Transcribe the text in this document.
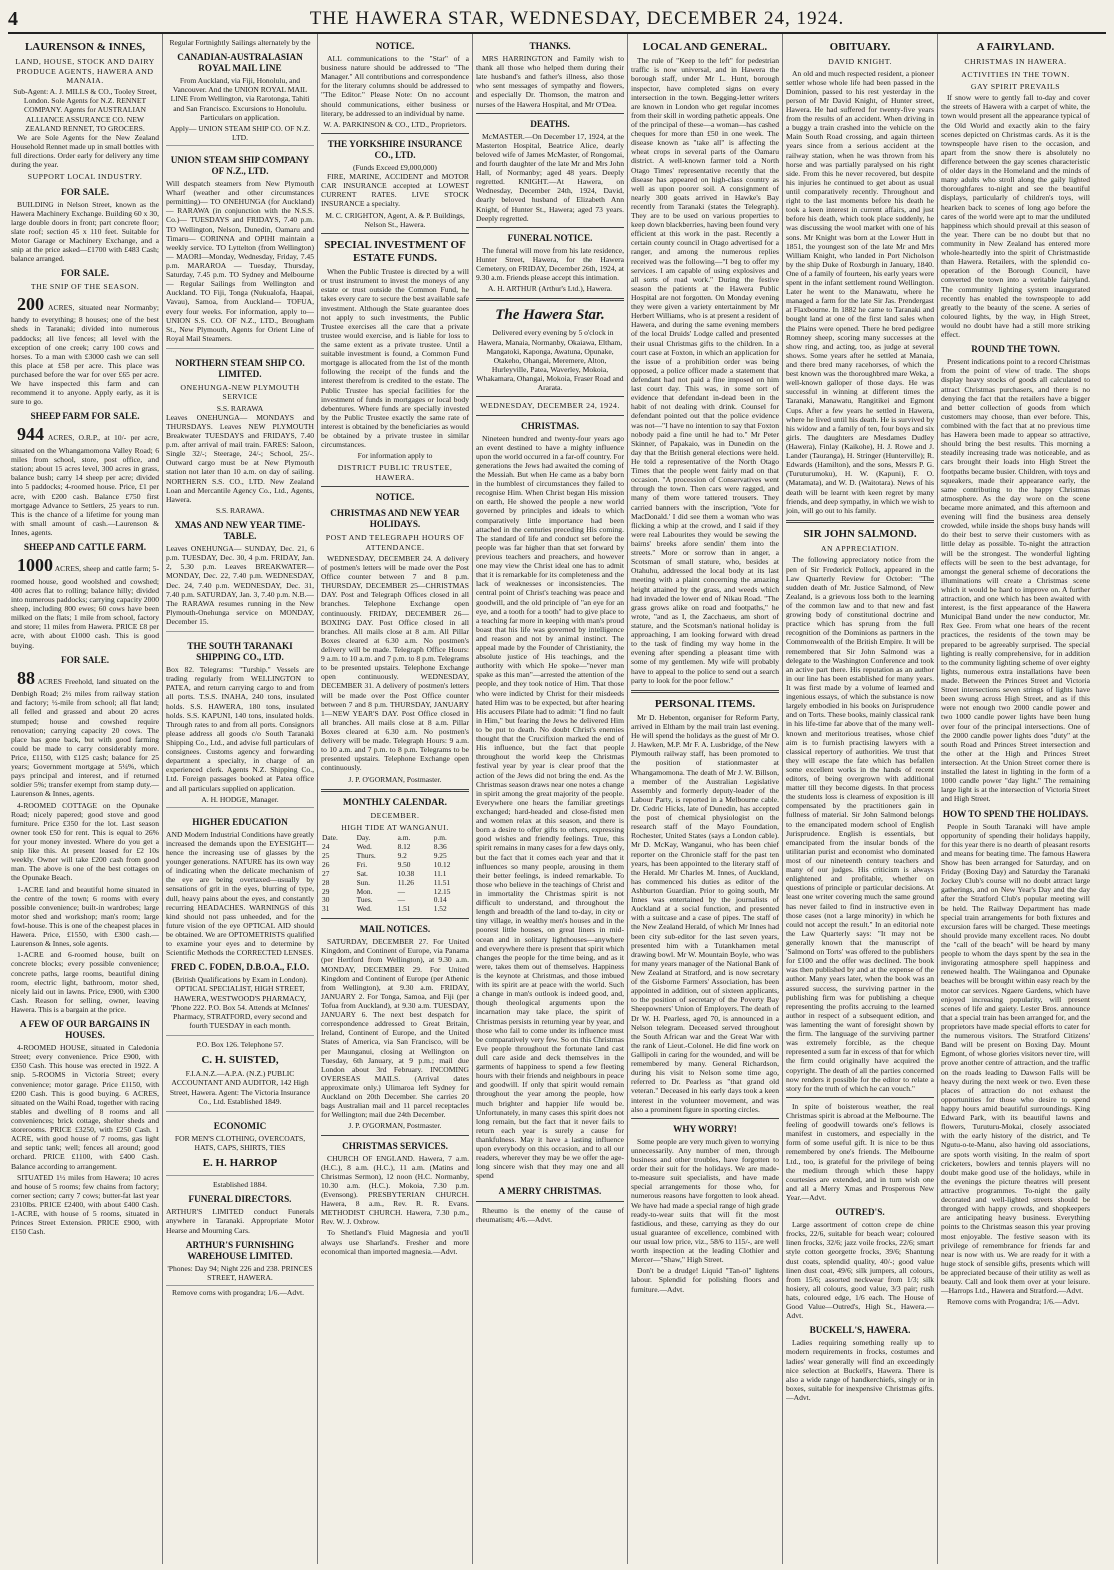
4	THE HAWERA STAR, WEDNESDAY, DECEMBER 24, 1924.
LAURENSON & INNES,
LAND, HOUSE, STOCK AND DAIRY PRODUCE AGENTS, HAWERA AND MANAIA.
Sub-Agent: A. J. MILLS & CO., Tooley Street, London. Sole Agents for N.Z. RENNET COMPANY. Agents for AUSTRALIAN ALLIANCE ASSURANCE CO. NEW ZEALAND RENNET, TO GROCERS.

We are Sole Agents for the New Zealand Household Rennet made up in small bottles with full directions. Order early for delivery any time during the year.

SUPPORT LOCAL INDUSTRY.
FOR SALE.

BUILDING in Nelson Street, known as the Hawera Machinery Exchange. Building 60 x 30, large double doors in front; part concrete floor; slate roof; section 45 x 110 feet. Suitable for Motor Garage or Machinery Exchange, and a snip at the price asked—£1700 with £483 Cash; balance arranged.

FOR SALE.
THE SNIP OF THE SEASON.

200 ACRES, situated near Normanby; handy to everything; 8 houses; one of the best sheds in Taranaki; divided into numerous paddocks; all live fences; all level with the exception of one creek; carry 100 cows and horses. To a man with £3000 cash we can sell this place at £58 per acre. This place was purchased before the war for over £65 per acre. We have inspected this farm and can recommend it to anyone. Apply early, as it is sure to go.

SHEEP FARM FOR SALE.

944 ACRES, O.R.P., at 10/- per acre, situated on the Whangamomona Valley Road; 6 miles from school, store, post office, and station; about 15 acres level, 300 acres in grass, balance bush; carry 14 sheep per acre; divided into 5 paddocks; 4-roomed house. Price, £1 per acre, with £200 cash. Balance £750 first mortgage Advance to Settlers, 25 years to run. This is the chance of a lifetime for young man with small amount of cash.—Laurenson & Innes, agents.

SHEEP AND CATTLE FARM.

1000 ACRES, sheep and cattle farm; 5-roomed house, good woolshed and cowshed; 400 acres flat to rolling; balance hilly; divided into numerous paddocks; carrying capacity 2000 sheep, including 800 ewes; 60 cows have been milked on the flats; 1 mile from school, factory and store; 11 miles from Hawera. PRICE £8 per acre, with about £1000 cash. This is good buying.

FOR SALE.

88 ACRES Freehold, land situated on the Denbigh Road; 2½ miles from railway station and factory; ½-mile from school; all flat land; all felled and grassed and about 20 acres stumped; house and cowshed require renovation; carrying capacity 20 cows. The place has gone back, but with good farming could be made to carry considerably more. Price, £1150, with £125 cash; balance for 25 years; Government mortgage at 5¼%, which pays principal and interest, and if returned soldier 5%; transfer exempt from stamp duty.—Laurenson & Innes, agents.

4-ROOMED COTTAGE on the Opunake Road; nicely papered; good stove and good furniture. Price £350 for the lot. Last season owner took £50 for rent. This is equal to 26% for your money invested. Where do you get a snip like this. At present leased for £2 10s weekly. Owner will take £200 cash from good man. The above is one of the best cottages on the Opunake Beach.

1-ACRE land and beautiful home situated in the centre of the town; 6 rooms with every possible convenience; built-in wardrobes; large motor shed and workshop; man's room; large fowl-house. This is one of the cheapest places in Hawera. Price, £1550, with £300 cash.—Laurenson & Innes, sole agents.

1-ACRE and 6-roomed house, built on concrete blocks; every possible convenience; concrete paths, large rooms, beautiful dining room, electric light, bathroom, motor shed, nicely laid out in lawns. Price, £900, with £300 Cash. Reason for selling, owner, leaving Hawera. This is a bargain at the price.

A FEW OF OUR BARGAINS IN HOUSES.

4-ROOMED HOUSE, situated in Caledonia Street; every convenience. Price £900, with £350 Cash. This house was erected in 1922. A snip. 5-ROOMS in Victoria Street; every convenience; motor garage. Price £1150, with £200 Cash. This is good buying. 6 ACRES, situated on the Waihi Road, together with racing stables and dwelling of 8 rooms and all conveniences; brick cottage, shelter sheds and storerooms. PRICE £3250, with £250 Cash. 1 ACRE, with good house of 7 rooms, gas light and septic tank; well; fences all around; good orchard. PRICE £1100, with £400 Cash. Balance according to arrangement.

SITUATED 1½ miles from Hawera; 10 acres and house of 5 rooms; few chains from factory; corner section; carry 7 cows; butter-fat last year 2310lbs. PRICE £2400, with about £400 Cash. 1-ACRE, with house of 5 rooms, situated in Princes Street Extension. PRICE £900, with £150 Cash.

Regular Fortnightly Sailings alternately by the
CANADIAN-AUSTRALASIAN ROYAL MAIL LINE

From Auckland, via Fiji, Honolulu, and Vancouver. And the UNION ROYAL MAIL LINE From Wellington, via Rarotonga, Tahiti and San Francisco. Excursions to Honolulu. Particulars on application.

Apply— UNION STEAM SHIP CO. OF N.Z. LTD.
UNION STEAM SHIP COMPANY OF N.Z., LTD.

Will despatch steamers from New Plymouth Wharf (weather and other circumstances permitting)— TO ONEHUNGA (for Auckland)— RARAWA (in conjunction with the N.S.S. Co.)— TUESDAYS and FRIDAYS, 7.40 p.m. TO Wellington, Nelson, Dunedin, Oamaru and Timaru— CORINNA and OPIHI maintain a weekly service. TO Lyttelton (from Wellington)— MAORI—Monday, Wednesday, Friday, 7.45 p.m. MARAROA — Tuesday, Thursday, Saturday, 7.45 p.m. TO Sydney and Melbourne— Regular Sailings from Wellington and Auckland. TO Fiji, Tonga (Nukualofa, Haapai, Vavau), Samoa, from Auckland— TOFUA, every four weeks. For information, apply to— UNION S.S. CO. OF N.Z., LTD., Brougham St., New Plymouth, Agents for Orient Line of Royal Mail Steamers.

NORTHERN STEAM SHIP CO. LIMITED.
ONEHUNGA-NEW PLYMOUTH SERVICE
S.S. RARAWA

Leaves ONEHUNGA— MONDAYS and THURSDAYS. Leaves NEW PLYMOUTH Breakwater TUESDAYS and FRIDAYS, 7.40 p.m. after arrival of mail train. FARES: Saloon, Single 32/-; Steerage, 24/-; School, 25/-. Outward cargo must be at New Plymouth station not later than 10 a.m. on day of sailing. NORTHERN S.S. CO., LTD. New Zealand Loan and Mercantile Agency Co., Ltd., Agents, Hawera.

S.S. RARAWA.
XMAS AND NEW YEAR TIME-TABLE.

Leaves ONEHUNGA— SUNDAY, Dec. 21, 6 p.m. TUESDAY, Dec. 30, 4 p.m. FRIDAY, Jan. 2, 5.30 p.m. Leaves BREAKWATER— MONDAY, Dec. 22, 7.40 p.m. WEDNESDAY, Dec. 24, 7.40 p.m. WEDNESDAY, Dec. 31, 7.40 p.m. SATURDAY, Jan. 3, 7.40 p.m. N.B.—The RARAWA resumes running in the New Plymouth-Onehunga service on MONDAY, December 15.

THE SOUTH TARANAKI SHIPPING CO., LTD.

Box 82. Telegrams: "Turship." Vessels are trading regularly from WELLINGTON to PATEA, and return carrying cargo to and from all ports. T.S.S. INAHA, 240 tons, insulated holds. S.S. HAWERA, 180 tons, insulated holds. S.S. KAPUNI, 140 tons, insulated holds. Through rates to and from all ports. Consignors please address all goods c/o South Taranaki Shipping Co., Ltd., and advise full particulars of consignees. Customs agency and forwarding department a specialty, in charge of an experienced clerk. Agents N.Z. Shipping Co., Ltd. Foreign passages booked at Patea office and all particulars supplied on application.

A. H. HODGE, Manager.
HIGHER EDUCATION

AND Modern Industrial Conditions have greatly increased the demands upon the EYESIGHT—hence the increasing use of glasses by the younger generations. NATURE has its own way of indicating when the delicate mechanism of the eye are being overtaxed—usually by sensations of grit in the eyes, blurring of type, dull, heavy pains about the eyes, and constantly recurring HEADACHES. WARNINGS of this kind should not pass unheeded, and for the future vision of the eye OPTICAL AID should be obtained. We are OPTOMETRISTS qualified to examine your eyes and to determine by Scientific Methods the CORRECTED LENSES.

FRED C. FODEN, D.B.O.A., F.I.O.

(British Qualifications by Exam in London). OPTICAL SPECIALIST, HIGH STREET, HAWERA, WESTWOOD'S PHARMACY, 'Phone 222. P.O. Box 54. Attends at McInnes' Pharmacy, STRATFORD, every second and fourth TUESDAY in each month.

P.O. Box 126. Telephone 57.
C. H. SUISTED,

F.I.A.N.Z.—A.P.A. (N.Z.) PUBLIC ACCOUNTANT AND AUDITOR, 142 High Street, Hawera. Agent: The Victoria Insurance Co., Ltd. Established 1849.

ECONOMIC
FOR MEN'S CLOTHING, OVERCOATS, HATS, CAPS, SHIRTS, TIES
E. H. HARROP
Established 1884.
FUNERAL DIRECTORS.

ARTHUR'S LIMITED conduct Funerals anywhere in Taranaki. Appropriate Motor Hearse and Mourning Cars.

ARTHUR'S FURNISHING WAREHOUSE LIMITED.
'Phones: Day 94; Night 226 and 238. PRINCES STREET, HAWERA.

Remove corns with progandra; 1/6.—Advt.

NOTICE.

ALL communications to the "Star" of a business nature should be addressed to "The Manager." All contributions and correspondence for the literary columns should be addressed to "The Editor." Please Note: On no account should communications, either business or literary, be addressed to an individual by name.

W. A. PARKINSON & CO., LTD., Proprietors.
THE YORKSHIRE INSURANCE CO., LTD.
(Funds Exceed £9,000,000)

FIRE, MARINE, ACCIDENT and MOTOR CAR INSURANCE accepted at LOWEST CURRENT RATES. LIVE STOCK INSURANCE a specialty.

M. C. CRIGHTON, Agent, A. & P. Buildings, Nelson St., Hawera.
SPECIAL INVESTMENT OF ESTATE FUNDS.

When the Public Trustee is directed by a will or trust instrument to invest the moneys of any estate or trust outside the Common Fund, he takes every care to secure the best available safe investment. Although the State guarantee does not apply to such investments, the Public Trustee exercises all the care that a private trustee would exercise, and is liable for loss to the same extent as a private trustee. Until a suitable investment is found, a Common Fund mortgage is allocated from the 1st of the month following the receipt of the funds and the interest therefrom is credited to the estate. The Public Trustee has special facilities for the investment of funds in mortgages or local body debentures. Where funds are specially invested by the Public Trustee exactly the same rate of interest is obtained by the beneficiaries as would be obtained by a private trustee in similar circumstances.

For information apply to
DISTRICT PUBLIC TRUSTEE, HAWERA.
NOTICE.
CHRISTMAS AND NEW YEAR HOLIDAYS.
POST AND TELEGRAPH HOURS OF ATTENDANCE.

WEDNESDAY, DECEMBER 24. A delivery of postmen's letters will be made over the Post Office counter between 7 and 8 p.m. THURSDAY, DECEMBER 25—CHRISTMAS DAY. Post and Telegraph Offices closed in all branches. Telephone Exchange open continuously. FRIDAY, DECEMBER 26—BOXING DAY. Post Office closed in all branches. All mails close at 8 a.m. All Pillar Boxes cleared at 6.30 a.m. No postmen's delivery will be made. Telegraph Office Hours: 9 a.m. to 10 a.m. and 7 p.m. to 8 p.m. Telegrams to be presented upstairs. Telephone Exchange open continuously. WEDNESDAY, DECEMBER 31. A delivery of postmen's letters will be made over the Post Office counter between 7 and 8 p.m. THURSDAY, JANUARY 1—NEW YEAR'S DAY. Post Office closed in all branches. All mails close at 8 a.m. Pillar Boxes cleared at 6.30 a.m. No postmen's delivery will be made. Telegraph Hours: 9 a.m. to 10 a.m. and 7 p.m. to 8 p.m. Telegrams to be presented upstairs. Telephone Exchange open continuously.

J. P. O'GORMAN, Postmaster.
MONTHLY CALENDAR.
DECEMBER.
HIGH TIDE AT WANGANUI.
Date.	Day.	a.m.	p.m.
24	Wed.	8.12	8.36
25	Thurs.	9.2	9.25
26	Fri.	9.50	10.12
27	Sat.	10.38	11.1
28	Sun.	11.26	11.51
29	Mon.	—	12.15
30	Tues.	—	0.14
31	Wed.	1.51	1.52
MAIL NOTICES.

SATURDAY, DECEMBER 27. For United Kingdom, and Continent of Europe, via Panama (per Hertford from Wellington), at 9.30 a.m. MONDAY, DECEMBER 29. For United Kingdom and Continent of Europe (per Athenic from Wellington), at 9.30 a.m. FRIDAY, JANUARY 2. For Tonga, Samoa, and Fiji (per Tofua from Auckland), at 9.30 a.m. TUESDAY, JANUARY 6. The next best despatch for correspondence addressed to Great Britain, Ireland, Continent of Europe, and the United States of America, via San Francisco, will be per Maunganui, closing at Wellington on Tuesday, 6th January, at 9 p.m.; mail due London about 3rd February. INCOMING OVERSEAS MAILS. (Arrival dates approximate only.) Ulimaroa left Sydney for Auckland on 20th December. She carries 20 bags Australian mail and 11 parcel receptacles for Wellington; mail due 24th December.

J. P. O'GORMAN, Postmaster.
CHRISTMAS SERVICES.

CHURCH OF ENGLAND. Hawera, 7 a.m. (H.C.), 8 a.m. (H.C.), 11 a.m. (Matins and Christmas Sermon), 12 noon (H.C. Normanby, 10.30 a.m. (H.C.). Mokoia, 7.30 p.m. (Evensong). PRESBYTERIAN CHURCH. Hawera, 8 a.m., Rev. R. R. Evans. METHODIST CHURCH. Hawera, 7.30 p.m., Rev. W. J. Oxbrow.

To Shetland's Fluid Magnesia and you'll always use Sharland's. Fresher and more economical than imported magnesia.—Advt.

THANKS.

MRS HARRINGTON and Family wish to thank all those who helped them during their late husband's and father's illness, also those who sent messages of sympathy and flowers, and especially Dr. Thomson, the matron and nurses of the Hawera Hospital, and Mr O'Dea.

DEATHS.

McMASTER.—On December 17, 1924, at the Masterton Hospital, Beatrice Alice, dearly beloved wife of James McMaster, of Rongomai, and fourth daughter of the late Mr and Mrs John Hall, of Normanby; aged 48 years. Deeply regretted. KNIGHT.—At Hawera, on Wednesday, December 24th, 1924, David, dearly beloved husband of Elizabeth Ann Knight, of Hunter St., Hawera; aged 73 years. Deeply regretted.

FUNERAL NOTICE.

The funeral will move from his late residence, Hunter Street, Hawera, for the Hawera Cemetery, on FRIDAY, December 26th, 1924, at 9.30 a.m. Friends please accept this intimation.

A. H. ARTHUR (Arthur's Ltd.), Hawera.
The Hawera Star.

Delivered every evening by 5 o'clock in Hawera, Manaia, Normanby, Okaiawa, Eltham, Mangatoki, Kaponga, Awatuna, Opunake, Otakeho, Ohangai, Meremere, Alton, Hurleyville, Patea, Waverley, Mokoia, Whakamara, Ohangai, Mokoia, Fraser Road and Ararata.

WEDNESDAY, DECEMBER 24, 1924.
CHRISTMAS.

Nineteen hundred and twenty-four years ago an event destined to have a mighty influence upon the world occurred in a far-off country. For generations the Jews had awaited the coming of the Messiah. But when He came as a baby born in the humblest of circumstances they failed to recognise Him. When Christ began His mission on earth, He showed the people a new world governed by principles and ideals to which comparatively little importance had been attached in the centuries preceding His coming. The standard of life and conduct set before the people was far higher than that set forward by previous teachers and preachers, and however one may view the Christ ideal one has to admit that it is remarkable for its completeness and the lack of weaknesses or inconsistencies. The central point of Christ's teaching was peace and goodwill, and the old principle of "an eye for an eye, and a tooth for a tooth" had to give place to a teaching far more in keeping with man's proud boast that his life was governed by intelligence and reason and not by animal instinct. The appeal made by the Founder of Christianity, the absolute justice of His teachings, and the authority with which He spoke—"never man spake as this man"—arrested the attention of the people, and they took notice of Him. That those who were indicted by Christ for their misdeeds hated Him was to be expected, but after hearing His accusers Pilate had to admit: "I find no fault in Him," but fearing the Jews he delivered Him to be put to death. No doubt Christ's enemies thought that the Crucifixion marked the end of His influence, but the fact that people throughout the world keep the Christmas festival year by year is clear proof that the action of the Jews did not bring the end. As the Christmas season draws near one notes a change in spirit among the great majority of the people. Everywhere one hears the familiar greetings exchanged; hard-headed and close-fisted men and women relax at this season, and there is born a desire to offer gifts to others, expressing good wishes and friendly feelings. True, this spirit remains in many cases for a few days only, but the fact that it comes each year and that it influences so many people, arousing in them their better feelings, is indeed remarkable. To those who believe in the teachings of Christ and in immortality the Christmas spirit is not difficult to understand, and throughout the length and breadth of the land to-day, in city or tiny village, in wealthy men's houses and in the poorest little houses, on great liners in mid-ocean and in solitary lighthouses—anywhere and everywhere there is present that spirit which changes the people for the time being, and as it were, takes them out of themselves. Happiness is the keynote at Christmas, and those imbued with its spirit are at peace with the world. Such a change in man's outlook is indeed good, and, though theological arguments upon the incarnation may take place, the spirit of Christmas persists in returning year by year, and those who fail to come under its influence must be comparatively very few. So on this Christmas Eve people throughout the fortunate land cast dull care aside and deck themselves in the garments of happiness to spend a few fleeting hours with their friends and neighbours in peace and goodwill. If only that spirit would remain throughout the year among the people, how much brighter and happier life would be. Unfortunately, in many cases this spirit does not long remain, but the fact that it never fails to return each year is surely a cause for thankfulness. May it have a lasting influence upon everybody on this occasion, and to all our readers, wherever they may be we offer the age-long sincere wish that they may one and all spend

A MERRY CHRISTMAS.

Rheumo is the enemy of the cause of rheumatism; 4/6.—Advt.

LOCAL AND GENERAL.

The rule of "Keep to the left" for pedestrian traffic is now universal, and in Hawera the borough staff, under Mr L. Hunt, borough inspector, have completed signs on every intersection in the town. Begging-letter writers are known in London who get regular incomes from their skill in wording pathetic appeals. One of the principal of these—a woman—has cashed cheques for more than £50 in one week. The disease known as "take all" is affecting the wheat crops in several parts of the Oamaru district. A well-known farmer told a North Otago Times' representative recently that the disease has appeared on high-class country as well as upon poorer soil. A consignment of nearly 300 goats arrived in Hawke's Bay recently from Taranaki (states the Telegraph). They are to be used on various properties to keep down blackberries, having been found very efficient at this work in the past. Recently a certain county council in Otago advertised for a ranger, and among the numerous replies received was the following—"I beg to offer my services. I am capable of using explosives and all sorts of road work." During the festive season the patients at the Hawera Public Hospital are not forgotten. On Monday evening they were given a variety entertainment by Mr Herbert Williams, who is at present a resident of Hawera, and during the same evening members of the local Druids' Lodge called and presented their usual Christmas gifts to the children. In a court case at Foxton, in which an application for the issue of a prohibition order was being opposed, a police officer made a statement that defendant had not paid a fine imposed on him last court day. This was, in some sort of evidence that defendant in-dead been in the habit of not dealing with drink. Counsel for defendant pointed out that the police evidence was not—"I have no intention to say that Foxton nobody paid a fine until he had to." Mr Peter Skinner, of Papakaio, was in Dunedin on the day that the British general elections were held. He told a representative of the North Otago Times that the people went fairly mad on that occasion. "A procession of Conservatives went through the town. Then cars were ragged, and many of them wore tattered trousers. They carried banners with the inscription, 'Vote for MacDonald.' I did see them a woman who was flicking a whip at the crowd, and I said if they were real Labourites they would be sewing the bairns' breeks afore sendin' them into the streets." More or sorrow than in anger, a Scotsman of small stature, who, besides at Otahuhu, addressed the local body at its last meeting with a plaint concerning the amazing height attained by the grass, and weeds which had invaded the lower end of Nikau Road. "The grass grows alike on road and footpaths," he wrote, "and as I, the Zacchaeus, am short of stature, and the Scotsman's national holiday is approaching, I am looking forward with dread to the task of finding my way home in the evening after spending a pleasant time with some of my gentlemen. My wife will probably have to appeal to the police to send out a search party to look for the poor fellow."

PERSONAL ITEMS.

Mr D. Hebenton, organiser for Reform Party, arrived in Eltham by the mail train last evening. He will spend the holidays as the guest of Mr O. J. Hawken, M.P. Mr F. A. Lusbridge, of the New Plymouth railway staff, has been promoted to the position of stationmaster at Whangamomona. The death of Mr J. W. Billson, a member of the Australian Legislative Assembly and formerly deputy-leader of the Labour Party, is reported in a Melbourne cable. Dr. Cedric Hicks, late of Dunedin, has accepted the post of chemical physiologist on the research staff of the Mayo Foundation, Rochester, United States (says a London cable). Mr D. McKay, Wanganui, who has been chief reporter on the Chronicle staff for the past ten years, has been appointed to the literary staff of the Herald. Mr Charles M. Innes, of Auckland, has commenced his duties as editor of the Ashburton Guardian. Prior to going south, Mr Innes was entertained by the journalists of Auckland at a social function, and presented with a suitcase and a case of pipes. The staff of the New Zealand Herald, of which Mr Innes had been city sub-editor for the last seven years, presented him with a Tutankhamen metal drawing bowl. Mr W. Mountain Boyle, who was for many years manager of the National Bank of New Zealand at Stratford, and is now secretary of the Gisborne Farmers' Association, has been appointed in addition, out of sixteen applicants, to the position of secretary of the Poverty Bay Sheepowners' Union of Employers. The death of Dr W. H. Pearless, aged 70, is announced in a Nelson telegram. Deceased served throughout the South African war and the Great War with the rank of Lieut.-Colonel. He did fine work on Gallipoli in caring for the wounded, and will be remembered by many. General Richardson, during his visit to Nelson some time ago, referred to Dr. Pearless as "that grand old veteran." Deceased in his early days took a keen interest in the volunteer movement, and was also a prominent figure in sporting circles.

WHY WORRY!

Some people are very much given to worrying unnecessarily. Any number of men, through business and other troubles, have forgotten to order their suit for the holidays. We are made-to-measure suit specialists, and have made special arrangements for those who, for numerous reasons have forgotten to look ahead. We have had made a special range of high grade ready-to-wear suits that will fit the most fastidious, and these, carrying as they do our usual guarantee of excellence, combined with our usual low price, viz., 58/6 to 115/-, are well worth inspection at the leading Clothier and Mercer—"Shaw," High Street.

Don't be a drudge! Liquid "Tan-ol" lightens labour. Splendid for polishing floors and furniture.—Advt.

OBITUARY.
DAVID KNIGHT.

An old and much respected resident, a pioneer settler whose whole life had been passed in the Dominion, passed to his rest yesterday in the person of Mr David Knight, of Hunter street, Hawera. He had suffered for twenty-five years from the results of an accident. When driving in a buggy a train crashed into the vehicle on the Main South Road crossing, and again thirteen years since from a serious accident at the railway station, when he was thrown from his horse and was partially paralysed on his right side. From this he never recovered, but despite his injuries he continued to get about as usual until comparatively recently. Throughout and right to the last moments before his death he took a keen interest in current affairs, and just before his death, which took place suddenly, he was discussing the wool market with one of his sons. Mr Knight was born at the Lower Hutt in 1851, the youngest son of the late Mr and Mrs William Knight, who landed in Port Nicholson by the ship Duke of Roxburgh in January, 1840. One of a family of fourteen, his early years were spent in the infant settlement round Wellington. Later he went to the Manawatu, where he managed a farm for the late Sir Jas. Prendergast at Flaxbourne. In 1882 he came to Taranaki and bought land at one of the first land sales when the Plains were opened. There he bred pedigree Romney sheep, scoring many successes at the show ring, and acting, too, as judge at several shows. Some years after he settled at Manaia, and there bred many racehorses, of which the best known was the thoroughbred mare Weka, a well-known galloper of those days. He was successful in winning at different times the Taranaki, Manawatu, Rangitikei and Egmont Cups. After a few years he settled in Hawera, where he lived until his death. He is survived by his widow and a family of ten, four boys and six girls. The daughters are Mesdames Dudley (Hawera), Finlay (Kaikohe), H. J. Rowe and J. Lander (Tauranga), H. Stringer (Hunterville); R. Edwards (Hamilton), and the sons, Messrs P. G. (Turuturumoku), H. W. (Kapuni), F. O. (Matamata), and W. D. (Waitotara). News of his death will be learnt with keen regret by many friends, and deep sympathy, in which we wish to join, will go out to his family.

SIR JOHN SALMOND.
AN APPRECIATION.

The following appreciatory notice from the pen of Sir Frederick Pollock, appeared in the Law Quarterly Review for October: "The sudden death of Mr. Justice Salmond, of New Zealand, is a grievous loss both to the learning of the common law and to that new and fast growing body of constitutional doctrine and practice which has sprung from the full recognition of the Dominions as partners in the Commonwealth of the British Empire. It will be remembered that Sir John Salmond was a delegate to the Washington Conference and took an active part there. His reputation as an author in our line has been established for many years. It was first made by a volume of learned and ingenious essays, of which the substance is now largely embodied in his books on Jurisprudence and on Torts. These books, mainly classical rank in his life-time far above that of the many well-known and meritorious treatises, whose chief aim is to furnish practising lawyers with a classical repertory of authorities. We trust that they will escape the fate which has befallen some excellent works in the hands of recent editors, of being overgrown with additional matter till they become digests. In that process the students loss is clearness of exposition is ill compensated by the practitioners gain in fullness of material. Sir John Salmond belongs to the emancipated modern school of English Jurisprudence. English is essentials, but emancipated from the insular bonds of the utilitarian purist and economist who dominated most of our nineteenth century teachers and many of our judges. His criticism is always enlightened and profitable, whether on questions of principle or particular decisions. At least one writer covering much the same ground has never failed to find in instructive even in those cases (not a large minority) in which he could not accept the result." In an editorial note the Law Quarterly says: "It may not be generally known that the manuscript of 'Salmond on Torts' was offered to the publishers for £100 and the offer was declined. The book was then published by and at the expense of the author. Many years later, when the book was an assured success, the surviving partner in the publishing firm was for publishing a cheque representing the profits accruing to the learned author in respect of a subsequent edition, and was lamenting the want of foresight shown by the firm. The language of the surviving partner was extremely forcible, as the cheque represented a sum far in excess of that for which the firm could originally have acquired the copyright. The death of all the parties concerned now renders it possible for the editor to relate a story for the truth of which he can vouch."

In spite of boisterous weather, the real Christmas spirit is abroad at the Melbourne. The feeling of goodwill towards one's fellows is manifest in customers, and especially in the form of some useful gift. It is nice to be thus remembered by one's friends. The Melbourne Ltd., too, is grateful for the privilege of being the medium through which these happy courtesies are extended, and in turn wish one and all a Merry Xmas and Prosperous New Year.—Advt.

OUTRED'S.

Large assortment of cotton crepe de chine frocks, 22/6, suitable for beach wear; coloured linen frocks, 32/6; jazz voile frocks, 22/6; smart style cotton georgette frocks, 39/6; Shantung dust coats, splendid quality, 40/-; good value linen dust coat, 49/6; silk jumpers, all colours, from 15/6; assorted neckwear from 1/3; silk hosiery, all colours, good value, 3/3 pair; rush hats, coloured edge, 1/6 each. The House of Good Value—Outred's, High St., Hawera.—Advt.

BUCKELL'S, HAWERA.

Ladies requiring something really up to modern requirements in frocks, costumes and ladies' wear generally will find an exceedingly nice selection at Buckell's, Hawera. There is also a wide range of handkerchiefs, singly or in boxes, suitable for inexpensive Christmas gifts.—Advt.

A FAIRYLAND.
CHRISTMAS IN HAWERA.
ACTIVITIES IN THE TOWN.
GAY SPIRIT PREVAILS

If snow were to gently fall to-day and cover the streets of Hawera with a carpet of white, the town would present all the appearance typical of the Old World and exactly akin to the fairy scenes depicted on Christmas cards. As it is the townspeople have risen to the occasion, and apart from the snow there is absolutely no difference between the gay scenes characteristic of older days in the Homeland and the minds of many adults who stroll along the gaily lighted thoroughfares to-night and see the beautiful displays, particularly of children's toys, will hearken back to scenes of long ago before the cares of the world were apt to mar the undiluted happiness which should prevail at this season of the year. There can be no doubt but that no community in New Zealand has entered more whole-heartedly into the spirit of Christmastide than Hawera. Retailers, with the splendid co-operation of the Borough Council, have converted the town into a veritable fairyland. The community lighting system inaugurated recently has enabled the townspeople to add greatly to the beauty of the scene. A series of coloured lights, by the way, in High Street, would no doubt have had a still more striking effect.

ROUND THE TOWN.

Present indications point to a record Christmas from the point of view of trade. The shops display heavy stocks of goods all calculated to attract Christmas purchasers, and there is no denying the fact that the retailers have a bigger and better collection of goods from which customers may choose, than ever before. This, combined with the fact that at no previous time has Hawera been made to appear so attractive, should bring the best results. This morning a steadily increasing trade was noticeable, and as cars brought their loads into High Street the footpaths became busier. Children, with toys and squeakers, made their appearance early, the same contributing to the happy Christmas atmosphere. As the day wore on the scene became more animated, and this afternoon and evening will find the business area densely crowded, while inside the shops busy hands will do their best to serve their customers with as little delay as possible. To-night the attraction will be the strongest. The wonderful lighting effects will be seen to the best advantage, for amongst the general scheme of decorations the illuminations will create a Christmas scene which it would be hard to improve on. A further attraction, and one which has been awaited with interest, is the first appearance of the Hawera Municipal Band under the new conductor, Mr. Rex Gee. From what one hears of the recent practices, the residents of the town may be prepared to be agreeably surprised. The special lighting is really comprehensive, for in addition to the community lighting scheme of over eighty lights, numerous extra installations have been made. Between the Princes Street and Victoria Street intersections seven strings of lights have been swung across High Street, and as if this were not enough two 2000 candle power and two 1000 candle power lights have been hung over four of the principal intersections. One of the 2000 candle power lights does "duty" at the south Road and Princes Street intersection and the other at the High and Princes Street intersection. At the Union Street corner there is installed the latest in lighting in the form of a 1000 candle power "day light." The remaining large light is at the intersection of Victoria Street and High Street.

HOW TO SPEND THE HOLIDAYS.

People in South Taranaki will have ample opportunity of spending their holidays happily, for this year there is no dearth of pleasant resorts and means for beating time. The famous Hawera Show has been arranged for Saturday, and on Friday (Boxing Day) and Saturday the Taranaki Jockey Club's course will no doubt attract large gatherings, and on New Year's Day and the day after the Stratford Club's popular meeting will be held. The Railway Department has made special train arrangements for both fixtures and excursion fares will be charged. These meetings should provide many excellent races. No doubt the "call of the beach" will be heard by many people to whom the days spent by the sea in the invigorating atmosphere spell happiness and renewed health. The Waiinganoa and Opunake beaches will be brought within easy reach by the motor car services. Ngaere Gardens, which have enjoyed increasing popularity, will present scenes of life and gaiety. Lester Bros. announce that a special train has been arranged for, and the proprietors have made special efforts to cater for the numerous visitors. The Stratford Citizens' Band will be present on Boxing Day. Mount Egmont, of whose glories visitors never tire, will prove another centre of attraction, and the traffic on the roads leading to Dawson Falls will be heavy during the next week or two. Even these places of attraction do not exhaust the opportunities for those who desire to spend happy hours amid beautiful surroundings. King Edward Park, with its beautiful lawns and flowers, Turuturu-Mokai, closely associated with the early history of the district, and Te Ngutu-o-te-Manu, also having old associations, are spots worth visiting. In the realm of sport cricketers, bowlers and tennis players will no doubt make good use of the holidays, while in the evenings the picture theatres will present attractive programmes. To-night the gaily decorated and well-lighted streets should be thronged with happy crowds, and shopkeepers are anticipating heavy business. Everything points to the Christmas season this year proving most enjoyable. The festive season with its privilege of remembrance for friends far and near is now with us. We are ready for it with a huge stock of sensible gifts, presents which will be appreciated because of their utility as well as beauty. Call and look them over at your leisure.—Harrops Ltd., Hawera and Stratford.—Advt.

Remove corns with Progandra; 1/6.—Advt.
